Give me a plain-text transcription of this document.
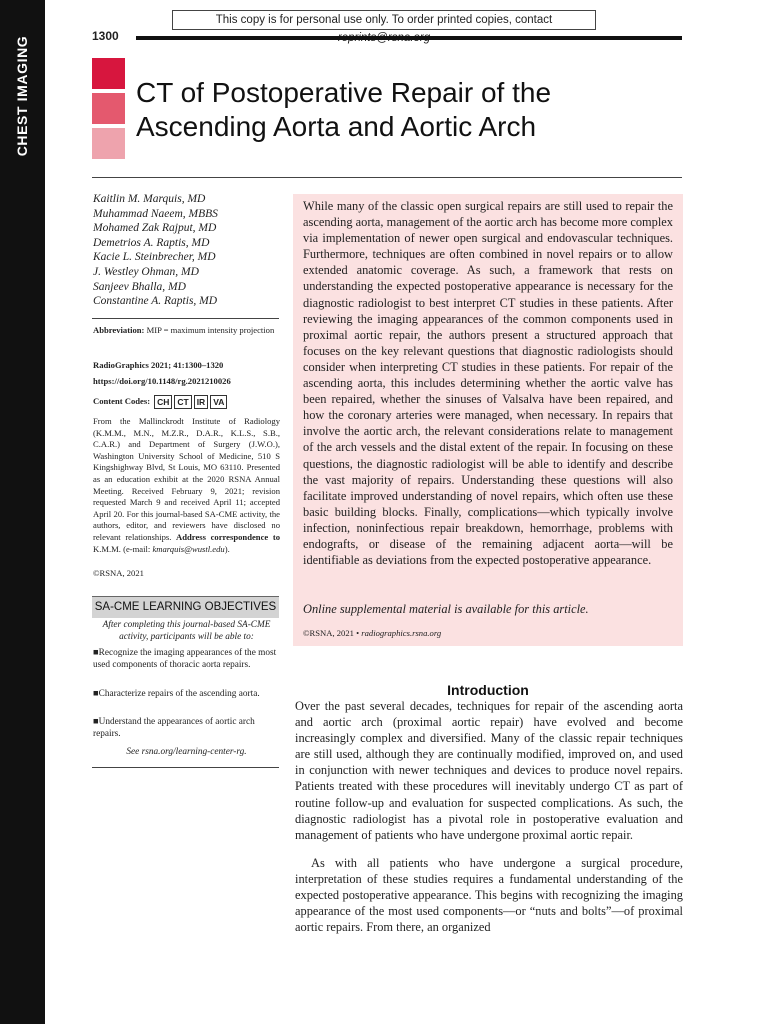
CHEST IMAGING
This copy is for personal use only. To order printed copies, contact
1300
CT of Postoperative Repair of the Ascending Aorta and Aortic Arch
Kaitlin M. Marquis, MD
Muhammad Naeem, MBBS
Mohamed Zak Rajput, MD
Demetrios A. Raptis, MD
Kacie L. Steinbrecher, MD
J. Westley Ohman, MD
Sanjeev Bhalla, MD
Constantine A. Raptis, MD
Abbreviation: MIP = maximum intensity projection
RadioGraphics 2021; 41:1300–1320
https://doi.org/10.1148/rg.2021210026
Content Codes: CH CT IR VA
From the Mallinckrodt Institute of Radiology (K.M.M., M.N., M.Z.R., D.A.R., K.L.S., S.B., C.A.R.) and Department of Surgery (J.W.O.), Washington University School of Medicine, 510 S Kingshighway Blvd, St Louis, MO 63110. Presented as an education exhibit at the 2020 RSNA Annual Meeting. Received February 9, 2021; revision requested March 9 and received April 11; accepted April 20. For this journal-based SA-CME activity, the authors, editor, and reviewers have disclosed no relevant relationships. Address correspondence to K.M.M. (e-mail: kmarquis@wustl.edu).
©RSNA, 2021
SA-CME LEARNING OBJECTIVES
After completing this journal-based SA-CME activity, participants will be able to:
■Recognize the imaging appearances of the most used components of thoracic aorta repairs.
■Characterize repairs of the ascending aorta.
■Understand the appearances of aortic arch repairs.
See rsna.org/learning-center-rg.
While many of the classic open surgical repairs are still used to repair the ascending aorta, management of the aortic arch has become more complex via implementation of newer open surgical and endovascular techniques. Furthermore, techniques are often combined in novel repairs or to allow extended anatomic coverage. As such, a framework that rests on understanding the expected postoperative appearance is necessary for the diagnostic radiologist to best interpret CT studies in these patients. After reviewing the imaging appearances of the common components used in proximal aortic repair, the authors present a structured approach that focuses on the key relevant questions that diagnostic radiologists should consider when interpreting CT studies in these patients. For repair of the ascending aorta, this includes determining whether the aortic valve has been repaired, whether the sinuses of Valsalva have been repaired, and how the coronary arteries were managed, when necessary. In repairs that involve the aortic arch, the relevant considerations relate to management of the arch vessels and the distal extent of the repair. In focusing on these questions, the diagnostic radiologist will be able to identify and describe the vast majority of repairs. Understanding these questions will also facilitate improved understanding of novel repairs, which often use these basic building blocks. Finally, complications—which typically involve infection, noninfectious repair breakdown, hemorrhage, problems with endografts, or disease of the remaining adjacent aorta—will be identifiable as deviations from the expected postoperative appearance.
Online supplemental material is available for this article.
©RSNA, 2021 • radiographics.rsna.org
Introduction

Over the past several decades, techniques for repair of the ascending aorta and aortic arch (proximal aortic repair) have evolved and become increasingly complex and diversified. Many of the classic repair techniques are still used, although they are continually modified, improved on, and used in conjunction with newer techniques and devices to produce novel repairs. Patients treated with these procedures will inevitably undergo CT as part of routine follow-up and evaluation for suspected complications. As such, the diagnostic radiologist has a pivotal role in postoperative evaluation and management of patients who have undergone proximal aortic repair.

As with all patients who have undergone a surgical procedure, interpretation of these studies requires a fundamental understanding of the expected postoperative appearance. This begins with recognizing the imaging appearance of the most used components—or “nuts and bolts”—of proximal aortic repairs. From there, an organized
